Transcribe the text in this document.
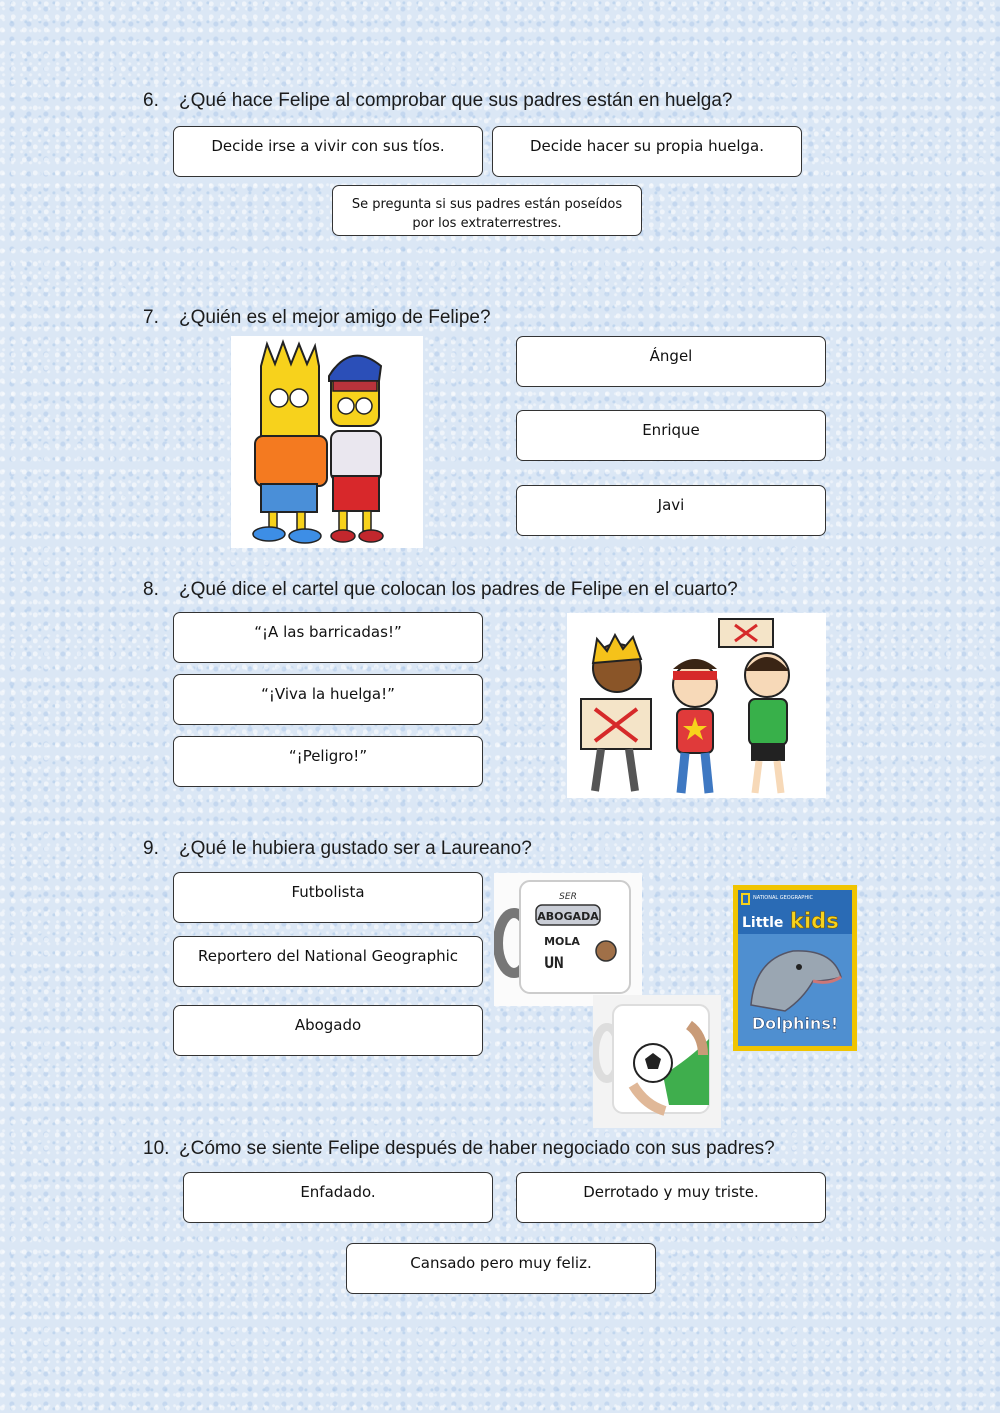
6. ¿Qué hace Felipe al comprobar que sus padres están en huelga?
Decide irse a vivir con sus tíos.	Decide hacer su propia huelga.
Se pregunta si sus padres están poseídos por los extraterrestres.
7. ¿Quién es el mejor amigo de Felipe?
Ángel
Enrique
Javi
8. ¿Qué dice el cartel que colocan los padres de Felipe en el cuarto?
“¡A las barricadas!”
“¡Viva la huelga!”
“¡Peligro!”
9. ¿Qué le hubiera gustado ser a Laureano?
Futbolista
Reportero del National Geographic
Abogado
SER
ABOGADA
MOLA
UN
NATIONAL GEOGRAPHIC
Little kids
Dolphins!
10. ¿Cómo se siente Felipe después de haber negociado con sus padres?
Enfadado.	Derrotado y muy triste.
Cansado pero muy feliz.
